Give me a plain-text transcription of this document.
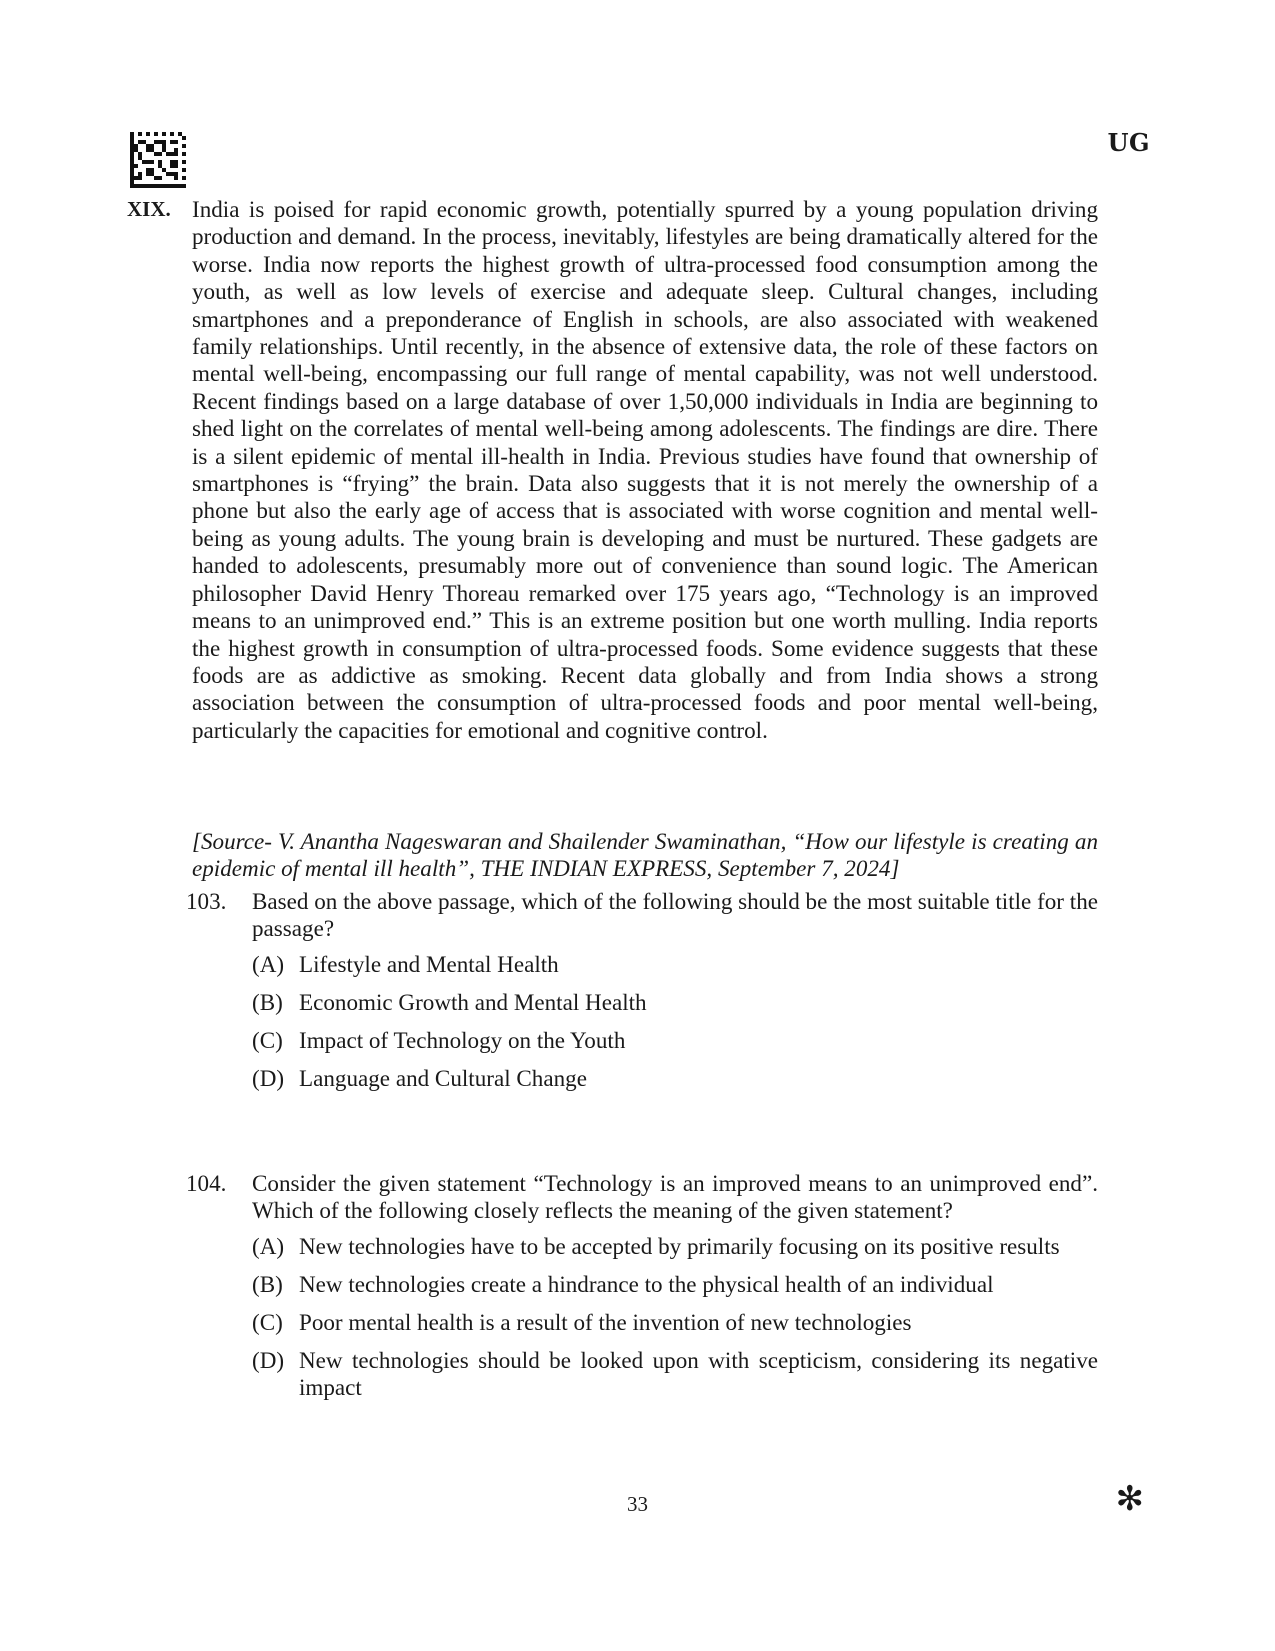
UG
XIX. India is poised for rapid economic growth, potentially spurred by a young population driving production and demand. In the process, inevitably, lifestyles are being dramatically altered for the worse. India now reports the highest growth of ultra-processed food consumption among the youth, as well as low levels of exercise and adequate sleep. Cultural changes, including smartphones and a preponderance of English in schools, are also associated with weakened family relationships. Until recently, in the absence of extensive data, the role of these factors on mental well-being, encompassing our full range of mental capability, was not well understood. Recent findings based on a large database of over 1,50,000 individuals in India are beginning to shed light on the correlates of mental well-being among adolescents. The findings are dire. There is a silent epidemic of mental ill-health in India. Previous studies have found that ownership of smartphones is “frying” the brain. Data also suggests that it is not merely the ownership of a phone but also the early age of access that is associated with worse cognition and mental well-being as young adults. The young brain is developing and must be nurtured. These gadgets are handed to adolescents, presumably more out of convenience than sound logic. The American philosopher David Henry Thoreau remarked over 175 years ago, “Technology is an improved means to an unimproved end.” This is an extreme position but one worth mulling. India reports the highest growth in consumption of ultra-processed foods. Some evidence suggests that these foods are as addictive as smoking. Recent data globally and from India shows a strong association between the consumption of ultra-processed foods and poor mental well-being, particularly the capacities for emotional and cognitive control.

[Source- V. Anantha Nageswaran and Shailender Swaminathan, “How our lifestyle is creating an epidemic of mental ill health”, THE INDIAN EXPRESS, September 7, 2024]

103. Based on the above passage, which of the following should be the most suitable title for the passage?
(A) Lifestyle and Mental Health
(B) Economic Growth and Mental Health
(C) Impact of Technology on the Youth
(D) Language and Cultural Change
104. Consider the given statement “Technology is an improved means to an unimproved end”. Which of the following closely reflects the meaning of the given statement?
(A) New technologies have to be accepted by primarily focusing on its positive results
(B) New technologies create a hindrance to the physical health of an individual
(C) Poor mental health is a result of the invention of new technologies
(D) New technologies should be looked upon with scepticism, considering its negative impact
33	✻
